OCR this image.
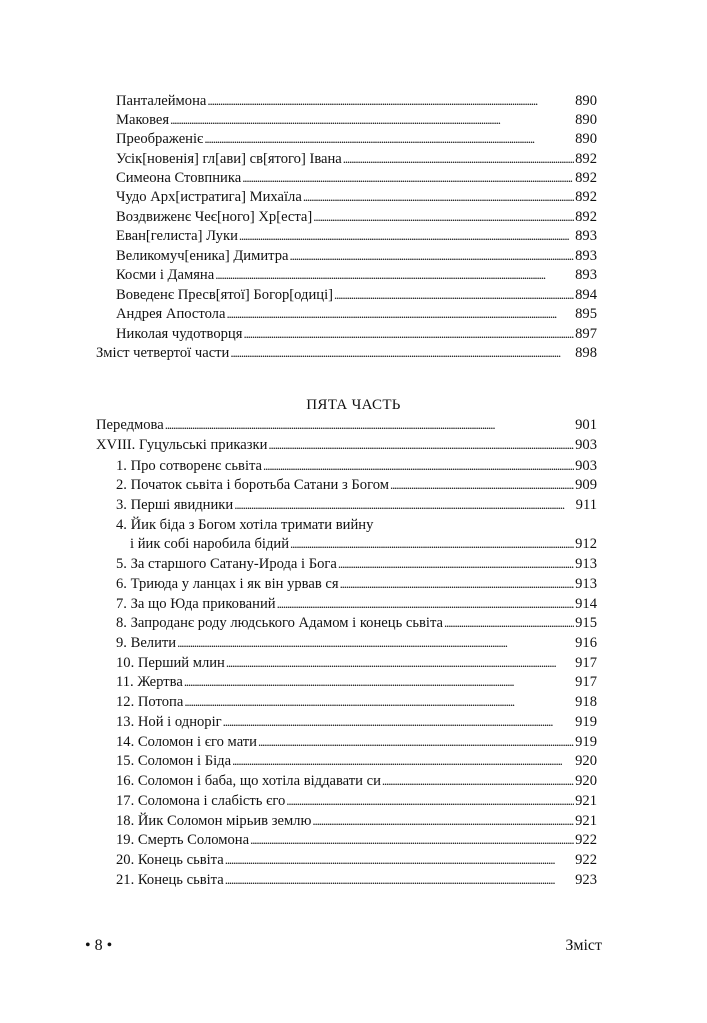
Панталеймона . . .	890
Маковея . . .	890
Преображеніє . . .	890
Усік[новенія] гл[ави] св[ятого] Івана . . .	892
Симеона Стовпника . . .	892
Чудо Арх[истратига] Михаїла . . .	892
Воздвиженє Чеє[ного] Хр[еста] . . .	892
Еван[гелиста] Луки . . .	893
Великомуч[еника] Димитра . . .	893
Косми і Дамяна . . .	893
Воведенє Пресв[ятої] Богор[одиці] . . .	894
Андрея Апостола . . .	895
Николая чудотворця . . .	897
Зміст четвертої части . . .	898
ПЯТА ЧАСТЬ
Передмова . . .	901
XVIII. Гуцульські приказки . . .	903
1. Про сотворенє сьвіта . . .	903
2. Початок сьвіта і боротьба Сатани з Богом . . .	909
3. Перші явидники . . .	911
4. Йик біда з Богом хотіла тримати вийну
і йик собі наробила бідий . . .	912
5. За старшого Сатану-Ирода і Бога . . .	913
6. Триюда у ланцах і як він урвав ся . . .	913
7. За що Юда прикований . . .	914
8. Запроданє роду людського Адамом і конець сьвіта . . .	915
9. Велити . . .	916
10. Перший млин . . .	917
11. Жертва . . .	917
12. Потопа . . .	918
13. Ной і одноріг . . .	919
14. Соломон і єго мати . . .	919
15. Соломон і Біда . . .	920
16. Соломон і баба, що хотіла віддавати си . . .	920
17. Соломона і слабість єго . . .	921
18. Йик Соломон мірьив землю . . .	921
19. Смерть Соломона . . .	922
20. Конець сьвіта . . .	922
21. Конець сьвіта . . .	923
• 8 •	Зміст
